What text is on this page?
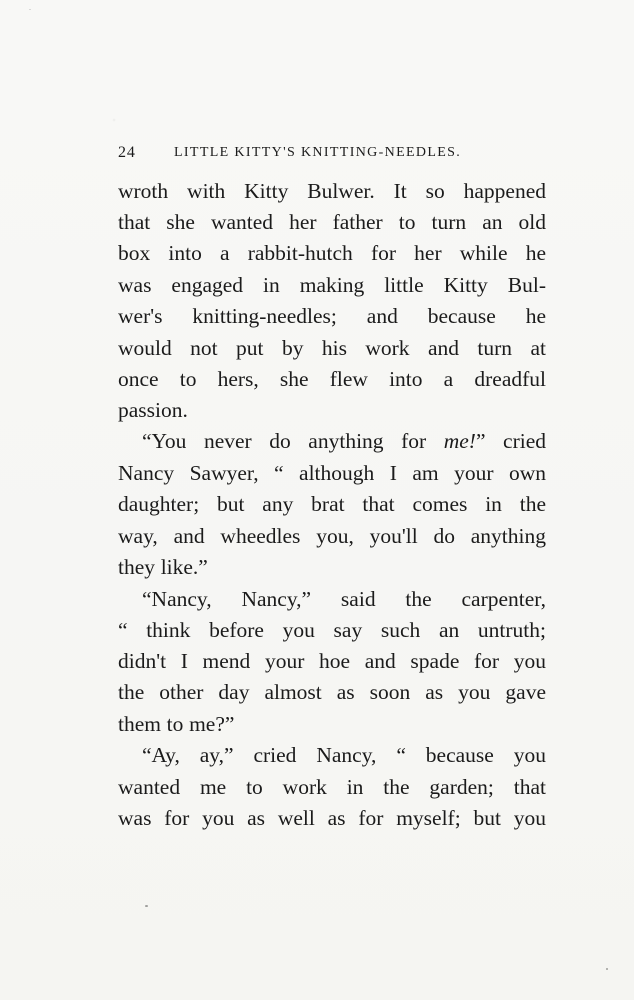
24	LITTLE KITTY'S KNITTING-NEEDLES.
wroth with Kitty Bulwer. It so happened
that she wanted her father to turn an old
box into a rabbit-hutch for her while he
was engaged in making little Kitty Bul-
wer's knitting-needles; and because he
would not put by his work and turn at
once to hers, she flew into a dreadful
passion.
“You never do anything for me!” cried
Nancy Sawyer, “ although I am your own
daughter; but any brat that comes in the
way, and wheedles you, you'll do anything
they like.”
“Nancy, Nancy,” said the carpenter,
“ think before you say such an untruth;
didn't I mend your hoe and spade for you
the other day almost as soon as you gave
them to me?”
“Ay, ay,” cried Nancy, “ because you
wanted me to work in the garden; that
was for you as well as for myself; but you
